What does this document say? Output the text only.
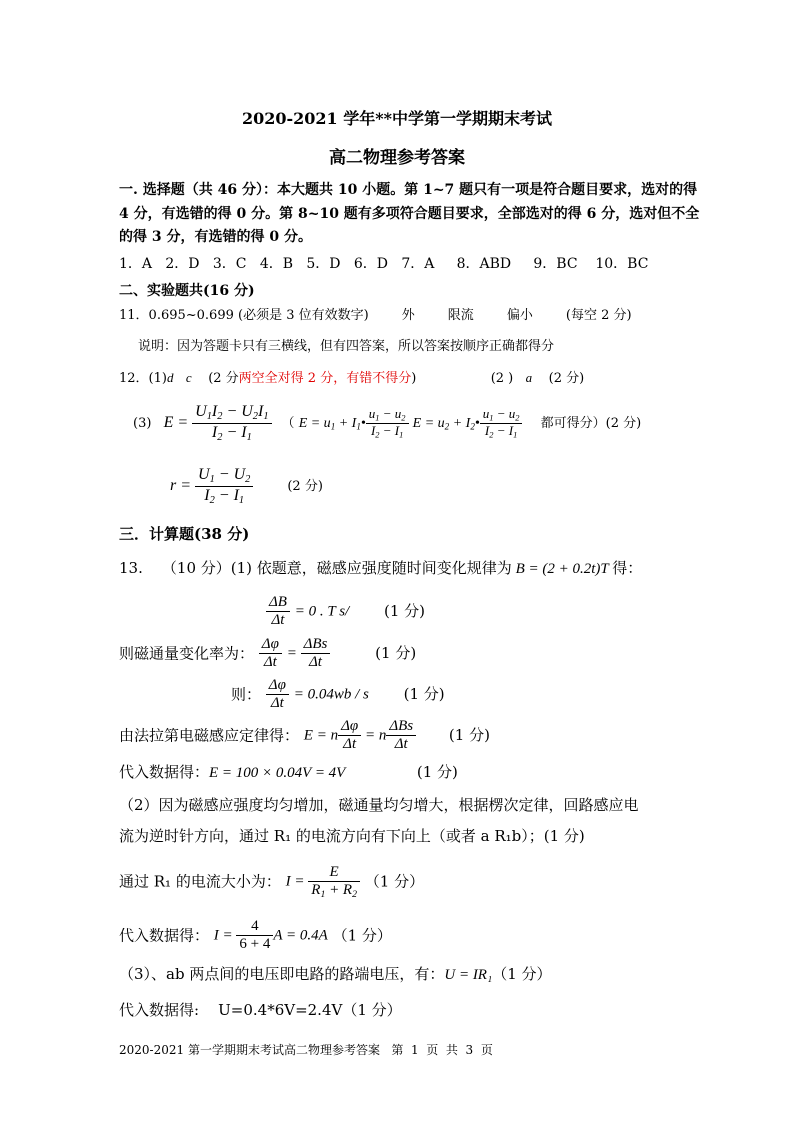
2020-2021 学年**中学第一学期期末考试
高二物理参考答案
一. 选择题（共 46 分）：本大题共 10 小题。第 1~7 题只有一项是符合题目要求，选对的得
4 分，有选错的得 0 分。第 8~10 题有多项符合题目要求，全部选对的得 6 分，选对但不全
的得 3 分，有选错的得 0 分。
1．A   2．D   3．C   4．B   5．D   6．D   7．A     8．ABD     9．BC    10．BC
二、实验题共(16 分)
11．0.695~0.699 (必须是 3 位有效数字)        外        限流        偏小        (每空 2 分)
说明：因为答题卡只有三横线，但有四答案，所以答案按顺序正确都得分
12．(1)d c (2 分两空全对得 2 分，有错不得分)	(2 ) a (2 分)
(3) $E = \frac{U_1I_2 - U_2I_1}{I_2 - I_1}$ （ $E = u_1$ + $I_1• \frac{u_1 - u_2}{I_2 - I_1}$ $E = u_2$ + $I_2• \frac{u_1 - u_2}{I_2 - I_1}$ 都可得分）(2 分)
$r = \frac{U_1 - U_2}{I_2 - I_1}$	(2 分)
三．计算题(38 分)
13.    （10 分）(1) 依题意，磁感应强度随时间变化规律为 B = (2 + 0.2t)T 得：
$\frac{\Delta B}{\Delta t} = 0$ . T s/ (1 分)
则磁通量变化率为： $\frac{\Delta\varphi}{\Delta t} = \frac{\text{ΔBs}}{\Delta t}$	(1 分)
则： $\frac{\Delta\varphi}{\Delta t} = 0.04wb / s$ (1 分)
由法拉第电磁感应定律得： E = n $\frac{\Delta\varphi}{\Delta t} = n \frac{\text{ΔBs}}{\Delta t} (1$ 分)
代入数据得：E = 100 × 0.04V = 4V	(1 分)
（2）因为磁感应强度均匀增加，磁通量均匀增大，根据楞次定律，回路感应电
流为逆时针方向，通过 R₁ 的电流方向有下向上（或者 a R₁b）；(1 分)
通过 R₁ 的电流大小为： $I = \frac{E}{R_1 + R_2} (1$ 分）
代入数据得： $I = \frac{4}{6 + 4}$ A = 0.4A （1 分）
（3）、ab 两点间的电压即电路的路端电压，有：U = IR₁（1 分）
代入数据得:    U=0.4*6V=2.4V（1 分）
2020-2021 第一学期期末考试高二物理参考答案 第  1  页  共  3  页
